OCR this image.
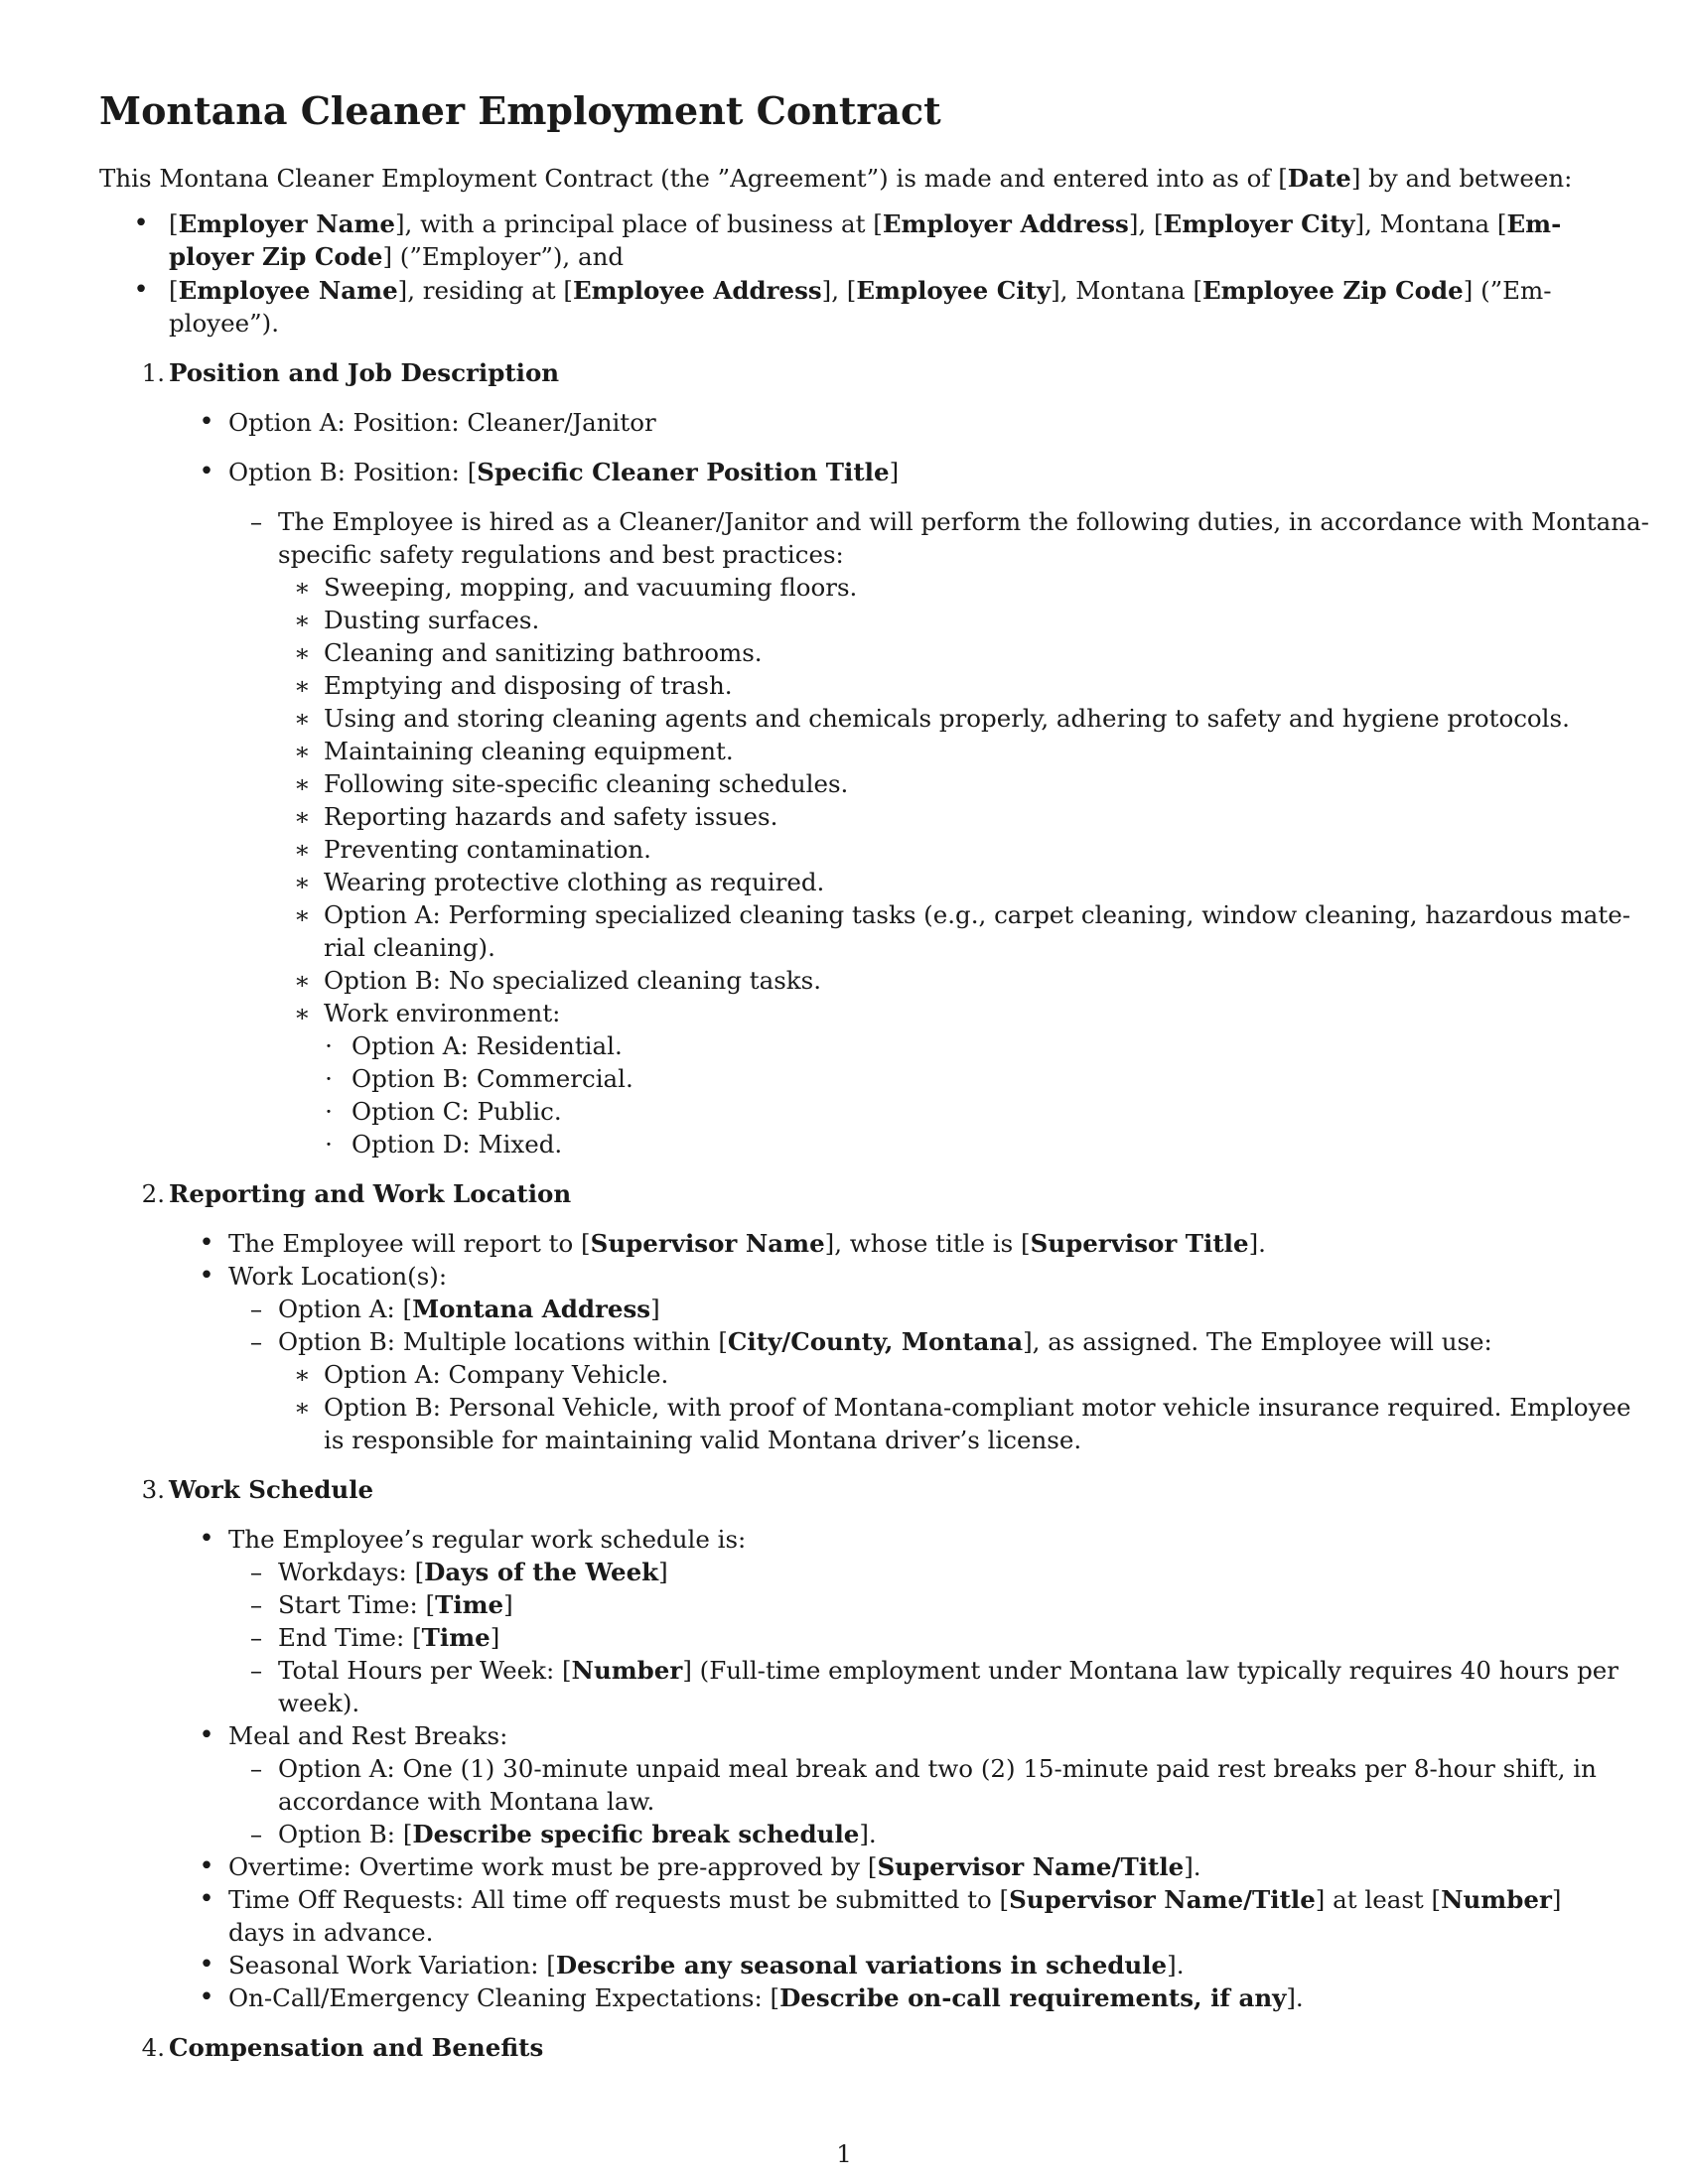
Montana Cleaner Employment Contract

This Montana Cleaner Employment Contract (the ”Agreement”) is made and entered into as of [Date] by and between:

• [Employer Name], with a principal place of business at [Employer Address], [Employer City], Montana [Em-
ployer Zip Code] (”Employer”), and
• [Employee Name], residing at [Employee Address], [Employee City], Montana [Employee Zip Code] (”Em-
ployee”).
1. Position and Job Description
• Option A: Position: Cleaner/Janitor
• Option B: Position: [Specific Cleaner Position Title]
– The Employee is hired as a Cleaner/Janitor and will perform the following duties, in accordance with Montana-
specific safety regulations and best practices:
∗ Sweeping, mopping, and vacuuming floors.
∗ Dusting surfaces.
∗ Cleaning and sanitizing bathrooms.
∗ Emptying and disposing of trash.
∗ Using and storing cleaning agents and chemicals properly, adhering to safety and hygiene protocols.
∗ Maintaining cleaning equipment.
∗ Following site-specific cleaning schedules.
∗ Reporting hazards and safety issues.
∗ Preventing contamination.
∗ Wearing protective clothing as required.
∗ Option A: Performing specialized cleaning tasks (e.g., carpet cleaning, window cleaning, hazardous mate-
rial cleaning).
∗ Option B: No specialized cleaning tasks.
∗ Work environment:
· Option A: Residential.
· Option B: Commercial.
· Option C: Public.
· Option D: Mixed.
2. Reporting and Work Location
• The Employee will report to [Supervisor Name], whose title is [Supervisor Title].
• Work Location(s):
– Option A: [Montana Address]
– Option B: Multiple locations within [City/County, Montana], as assigned. The Employee will use:
∗ Option A: Company Vehicle.
∗ Option B: Personal Vehicle, with proof of Montana-compliant motor vehicle insurance required. Employee
is responsible for maintaining valid Montana driver’s license.
3. Work Schedule
• The Employee’s regular work schedule is:
– Workdays: [Days of the Week]
– Start Time: [Time]
– End Time: [Time]
– Total Hours per Week: [Number] (Full-time employment under Montana law typically requires 40 hours per
week).
• Meal and Rest Breaks:
– Option A: One (1) 30-minute unpaid meal break and two (2) 15-minute paid rest breaks per 8-hour shift, in
accordance with Montana law.
– Option B: [Describe specific break schedule].
• Overtime: Overtime work must be pre-approved by [Supervisor Name/Title].
• Time Off Requests: All time off requests must be submitted to [Supervisor Name/Title] at least [Number]
days in advance.
• Seasonal Work Variation: [Describe any seasonal variations in schedule].
• On-Call/Emergency Cleaning Expectations: [Describe on-call requirements, if any].
4. Compensation and Benefits
1
